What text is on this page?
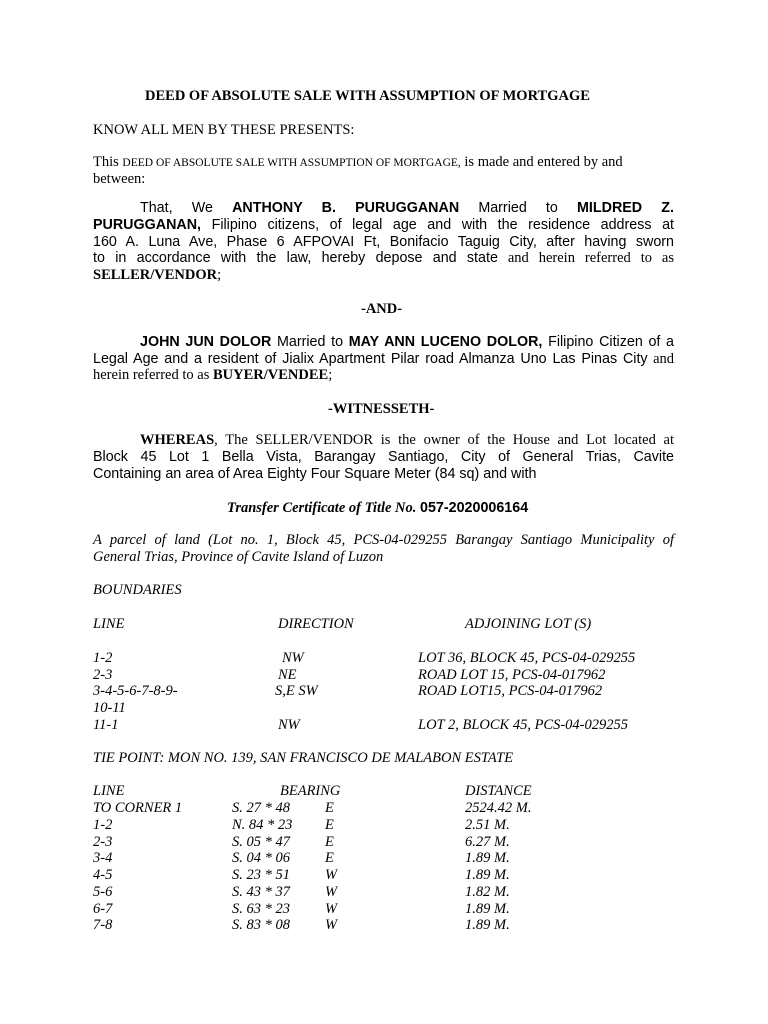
DEED OF ABSOLUTE SALE WITH ASSUMPTION OF MORTGAGE
KNOW ALL MEN BY THESE PRESENTS:
This DEED OF ABSOLUTE SALE WITH ASSUMPTION OF MORTGAGE, is made and entered by and
between:
That, We ANTHONY B. PURUGGANAN Married to MILDRED Z.
PURUGGANAN, Filipino citizens, of legal age and with the residence address at
160 A. Luna Ave, Phase 6 AFPOVAI Ft, Bonifacio Taguig City, after having sworn
to in accordance with the law, hereby depose and state and herein referred to as
SELLER/VENDOR;
-AND-
JOHN JUN DOLOR Married to MAY ANN LUCENO DOLOR, Filipino Citizen of a
Legal Age and a resident of Jialix Apartment Pilar road Almanza Uno Las Pinas City and
herein referred to as BUYER/VENDEE;
-WITNESSETH-
WHEREAS, The SELLER/VENDOR is the owner of the House and Lot located at
Block 45 Lot 1 Bella Vista, Barangay Santiago, City of General Trias, Cavite
Containing an area of Area Eighty Four Square Meter (84 sq) and with
Transfer Certificate of Title No. 057-2020006164
A parcel of land (Lot no. 1, Block 45, PCS-04-029255 Barangay Santiago Municipality of
General Trias, Province of Cavite Island of Luzon
BOUNDARIES
LINE	DIRECTION	ADJOINING LOT (S)
1-2	NW	LOT 36, BLOCK 45, PCS-04-029255
2-3	NE	ROAD LOT 15, PCS-04-017962
3-4-5-6-7-8-9-	S,E SW	ROAD LOT15, PCS-04-017962
10-11
11-1	NW	LOT 2, BLOCK 45, PCS-04-029255
TIE POINT: MON NO. 139, SAN FRANCISCO DE MALABON ESTATE
LINE	BEARING	DISTANCE
TO CORNER 1	S. 27 * 48 E	2524.42 M.
1-2	N. 84 * 23 E	2.51 M.
2-3	S. 05 * 47 E	6.27 M.
3-4	S. 04 * 06 E	1.89 M.
4-5	S. 23 * 51 W	1.89 M.
5-6	S. 43 * 37 W	1.82 M.
6-7	S. 63 * 23 W	1.89 M.
7-8	S. 83 * 08 W	1.89 M.
